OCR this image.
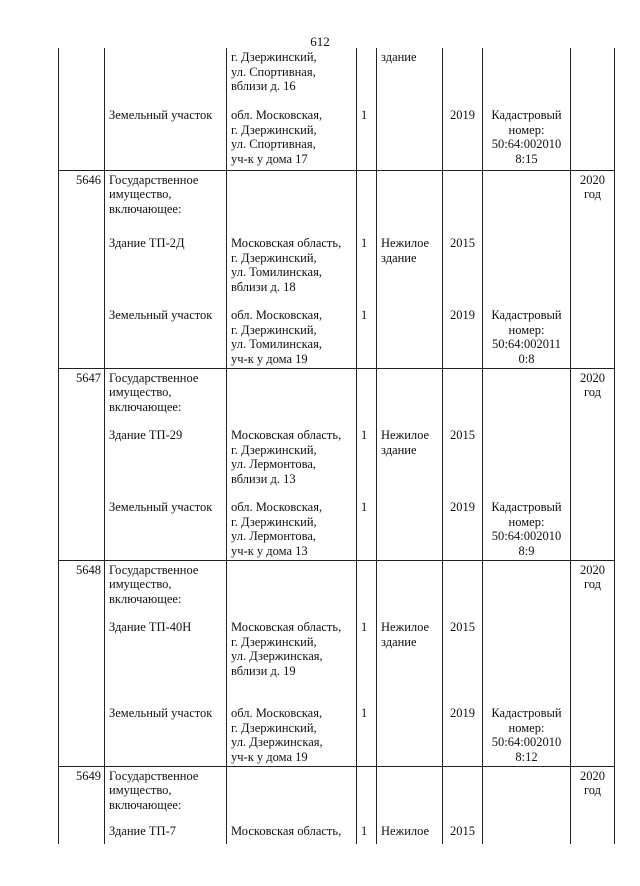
612

		г. Дзержинский,
ул. Спортивная,
вблизи д. 16		здание			

	Земельный участок	обл. Московская,
г. Дзержинский,
ул. Спортивная,
уч-к у дома 17	1		2019	Кадастровый
номер:
50:64:002010
8:15	

5646	Государственное
имущество,
включающее:						2020
год

	Здание ТП-2Д	Московская область,
г. Дзержинский,
ул. Томилинская,
вблизи д. 18	1	Нежилое
здание	2015		
	Земельный участок	обл. Московская,
г. Дзержинский,
ул. Томилинская,
уч-к у дома 19	1		2019	Кадастровый
номер:
50:64:002011
0:8	

5647	Государственное
имущество,
включающее:						2020
год

	Здание ТП-29	Московская область,
г. Дзержинский,
ул. Лермонтова,
вблизи д. 13	1	Нежилое
здание	2015		
	Земельный участок	обл. Московская,
г. Дзержинский,
ул. Лермонтова,
уч-к у дома 13	1		2019	Кадастровый
номер:
50:64:002010
8:9	

5648	Государственное
имущество,
включающее:						2020
год

	Здание ТП-40Н	Московская область,
г. Дзержинский,
ул. Дзержинская,
вблизи д. 19	1	Нежилое
здание	2015		
	Земельный участок	обл. Московская,
г. Дзержинский,
ул. Дзержинская,
уч-к у дома 19	1		2019	Кадастровый
номер:
50:64:002010
8:12	

5649	Государственное
имущество,
включающее:						2020
год

	Здание ТП-7	Московская область,	1	Нежилое	2015		
